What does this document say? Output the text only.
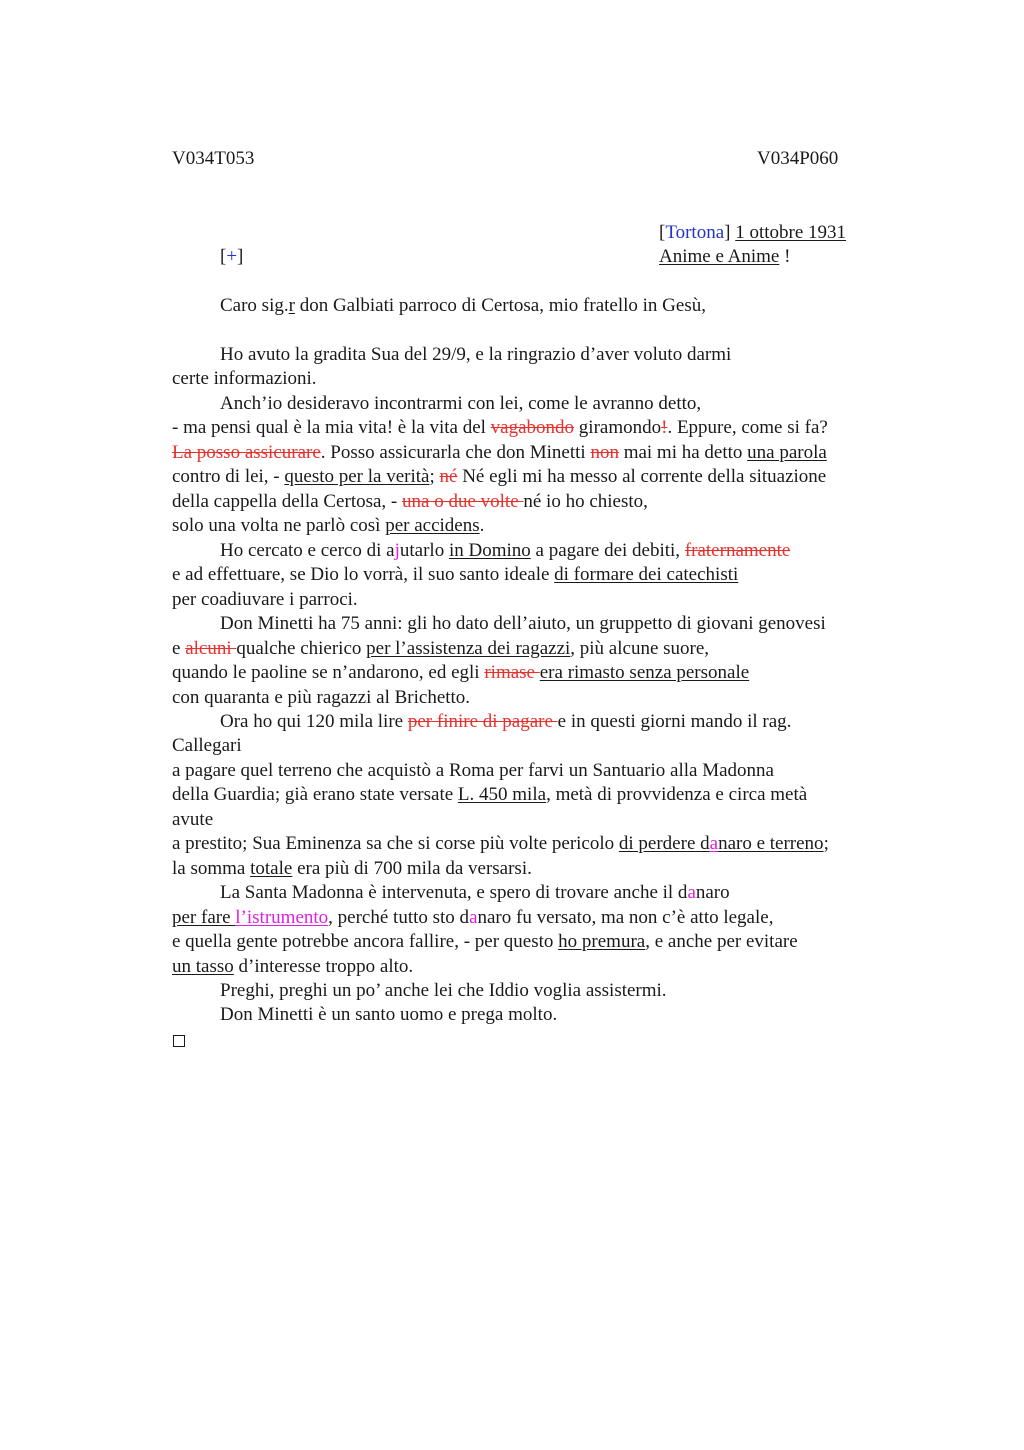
V034T053	V034P060
[Tortona] 1 ottobre 1931
[+]	Anime e Anime !
Caro sig.r don Galbiati parroco di Certosa, mio fratello in Gesù,
Ho avuto la gradita Sua del 29/9, e la ringrazio d’aver voluto darmi
certe informazioni.
Anch’io desideravo incontrarmi con lei, come le avranno detto,
- ma pensi qual è la mia vita! è la vita del vagabondo giramondo!. Eppure, come si fa?
La posso assicurare. Posso assicurarla che don Minetti non mai mi ha detto una parola
contro di lei, - questo per la verità; né Né egli mi ha messo al corrente della situazione
della cappella della Certosa, - una o due volte né io ho chiesto,
solo una volta ne parlò così per accidens.
Ho cercato e cerco di ajutarlo in Domino a pagare dei debiti, fraternamente
e ad effettuare, se Dio lo vorrà, il suo santo ideale di formare dei catechisti
per coadiuvare i parroci.
Don Minetti ha 75 anni: gli ho dato dell’aiuto, un gruppetto di giovani genovesi
e alcuni qualche chierico per l’assistenza dei ragazzi, più alcune suore,
quando le paoline se n’andarono, ed egli rimase era rimasto senza personale
con quaranta e più ragazzi al Brichetto.
Ora ho qui 120 mila lire per finire di pagare e in questi giorni mando il rag.
Callegari
a pagare quel terreno che acquistò a Roma per farvi un Santuario alla Madonna
della Guardia; già erano state versate L. 450 mila, metà di provvidenza e circa metà
avute
a prestito; Sua Eminenza sa che si corse più volte pericolo di perdere danaro e terreno;
la somma totale era più di 700 mila da versarsi.
La Santa Madonna è intervenuta, e spero di trovare anche il danaro
per fare l’istrumento, perché tutto sto danaro fu versato, ma non c’è atto legale,
e quella gente potrebbe ancora fallire, - per questo ho premura, e anche per evitare
un tasso d’interesse troppo alto.
Preghi, preghi un po’ anche lei che Iddio voglia assistermi.
Don Minetti è un santo uomo e prega molto.
